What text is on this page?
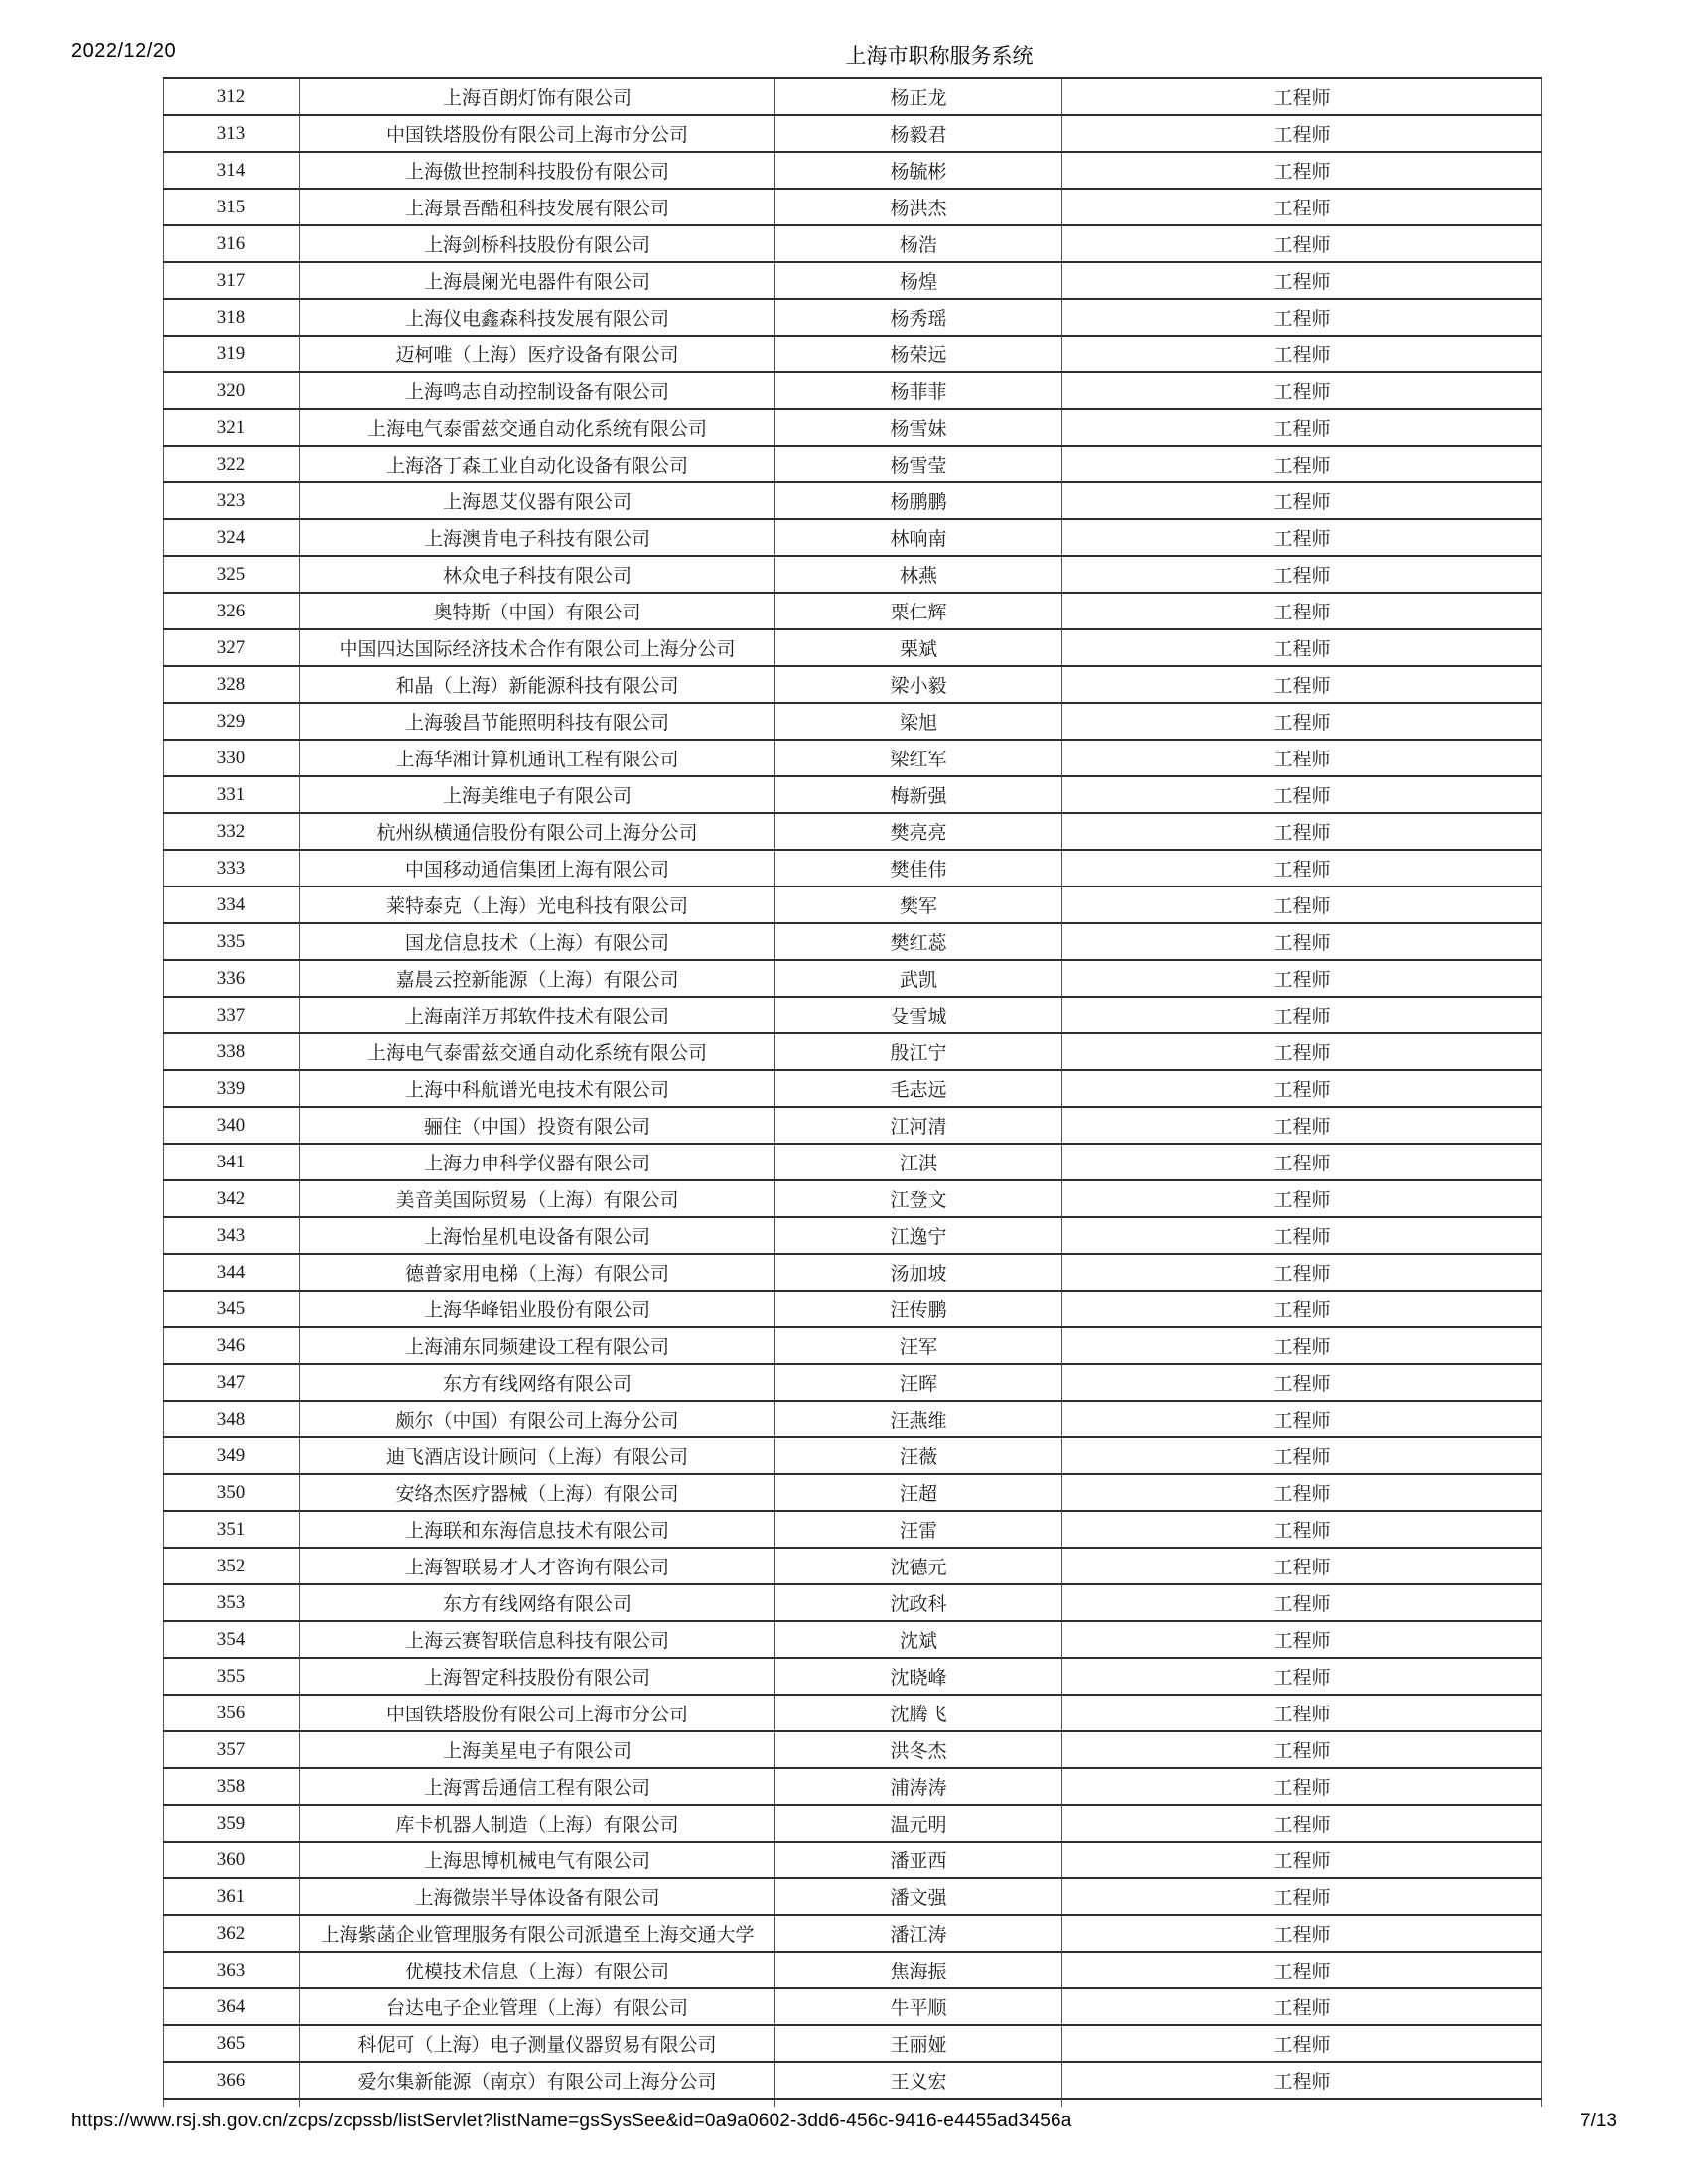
2022/12/20	上海市职称服务系统
312	上海百朗灯饰有限公司	杨正龙	工程师
313	中国铁塔股份有限公司上海市分公司	杨毅君	工程师
314	上海傲世控制科技股份有限公司	杨毓彬	工程师
315	上海景吾酷租科技发展有限公司	杨洪杰	工程师
316	上海剑桥科技股份有限公司	杨浩	工程师
317	上海晨阑光电器件有限公司	杨煌	工程师
318	上海仪电鑫森科技发展有限公司	杨秀瑶	工程师
319	迈柯唯（上海）医疗设备有限公司	杨荣远	工程师
320	上海鸣志自动控制设备有限公司	杨菲菲	工程师
321	上海电气泰雷兹交通自动化系统有限公司	杨雪妹	工程师
322	上海洛丁森工业自动化设备有限公司	杨雪莹	工程师
323	上海恩艾仪器有限公司	杨鹏鹏	工程师
324	上海澳肯电子科技有限公司	林响南	工程师
325	林众电子科技有限公司	林燕	工程师
326	奥特斯（中国）有限公司	栗仁辉	工程师
327	中国四达国际经济技术合作有限公司上海分公司	栗斌	工程师
328	和晶（上海）新能源科技有限公司	梁小毅	工程师
329	上海骏昌节能照明科技有限公司	梁旭	工程师
330	上海华湘计算机通讯工程有限公司	梁红军	工程师
331	上海美维电子有限公司	梅新强	工程师
332	杭州纵横通信股份有限公司上海分公司	樊亮亮	工程师
333	中国移动通信集团上海有限公司	樊佳伟	工程师
334	莱特泰克（上海）光电科技有限公司	樊军	工程师
335	国龙信息技术（上海）有限公司	樊红蕊	工程师
336	嘉晨云控新能源（上海）有限公司	武凯	工程师
337	上海南洋万邦软件技术有限公司	殳雪城	工程师
338	上海电气泰雷兹交通自动化系统有限公司	殷江宁	工程师
339	上海中科航谱光电技术有限公司	毛志远	工程师
340	骊住（中国）投资有限公司	江河清	工程师
341	上海力申科学仪器有限公司	江淇	工程师
342	美音美国际贸易（上海）有限公司	江登文	工程师
343	上海怡星机电设备有限公司	江逸宁	工程师
344	德普家用电梯（上海）有限公司	汤加坡	工程师
345	上海华峰铝业股份有限公司	汪传鹏	工程师
346	上海浦东同频建设工程有限公司	汪军	工程师
347	东方有线网络有限公司	汪晖	工程师
348	颇尔（中国）有限公司上海分公司	汪燕维	工程师
349	迪飞酒店设计顾问（上海）有限公司	汪薇	工程师
350	安络杰医疗器械（上海）有限公司	汪超	工程师
351	上海联和东海信息技术有限公司	汪雷	工程师
352	上海智联易才人才咨询有限公司	沈德元	工程师
353	东方有线网络有限公司	沈政科	工程师
354	上海云赛智联信息科技有限公司	沈斌	工程师
355	上海智定科技股份有限公司	沈晓峰	工程师
356	中国铁塔股份有限公司上海市分公司	沈腾飞	工程师
357	上海美星电子有限公司	洪冬杰	工程师
358	上海霄岳通信工程有限公司	浦涛涛	工程师
359	库卡机器人制造（上海）有限公司	温元明	工程师
360	上海思博机械电气有限公司	潘亚西	工程师
361	上海微崇半导体设备有限公司	潘文强	工程师
362	上海紫菡企业管理服务有限公司派遣至上海交通大学	潘江涛	工程师
363	优模技术信息（上海）有限公司	焦海振	工程师
364	台达电子企业管理（上海）有限公司	牛平顺	工程师
365	科伲可（上海）电子测量仪器贸易有限公司	王丽娅	工程师
366	爱尔集新能源（南京）有限公司上海分公司	王义宏	工程师

https://www.rsj.sh.gov.cn/zcps/zcpssb/listServlet?listName=gsSysSee&id=0a9a0602-3dd6-456c-9416-e4455ad3456a	7/13
